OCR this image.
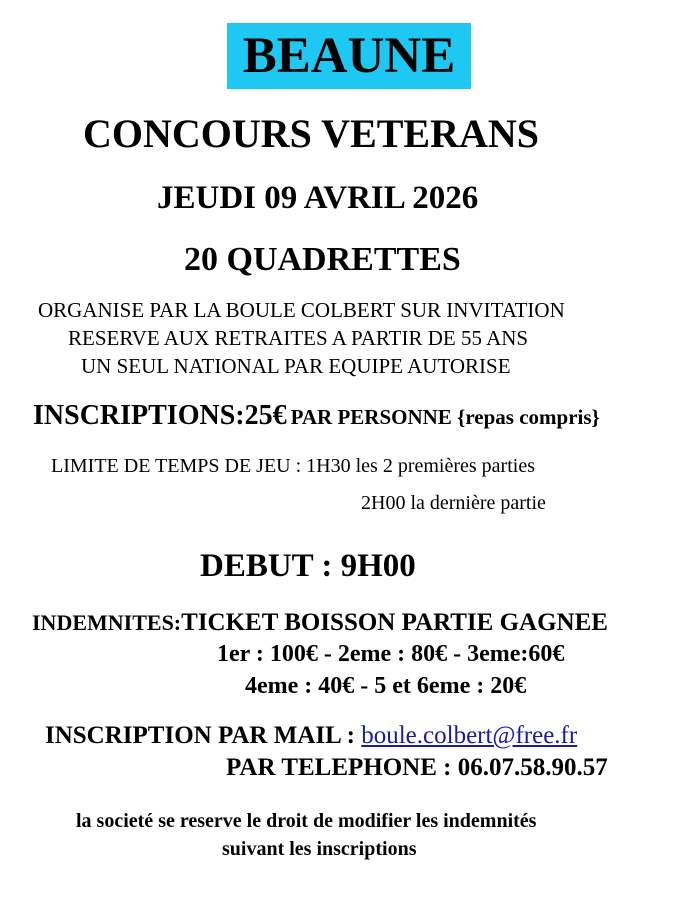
BEAUNE
CONCOURS VETERANS
JEUDI 09 AVRIL 2026
20 QUADRETTES
ORGANISE PAR LA BOULE COLBERT SUR INVITATION
RESERVE AUX RETRAITES A PARTIR DE 55 ANS
UN SEUL NATIONAL PAR EQUIPE AUTORISE
INSCRIPTIONS:25€ PAR PERSONNE {repas compris}
LIMITE DE TEMPS DE JEU : 1H30 les 2 premières parties
2H00 la dernière partie
DEBUT : 9H00
INDEMNITES:TICKET BOISSON PARTIE GAGNEE
1er : 100€ - 2eme : 80€ - 3eme:60€
4eme : 40€ - 5 et 6eme : 20€
INSCRIPTION PAR MAIL : boule.colbert@free.fr
PAR TELEPHONE : 06.07.58.90.57
la societé se reserve le droit de modifier les indemnités
suivant les inscriptions
